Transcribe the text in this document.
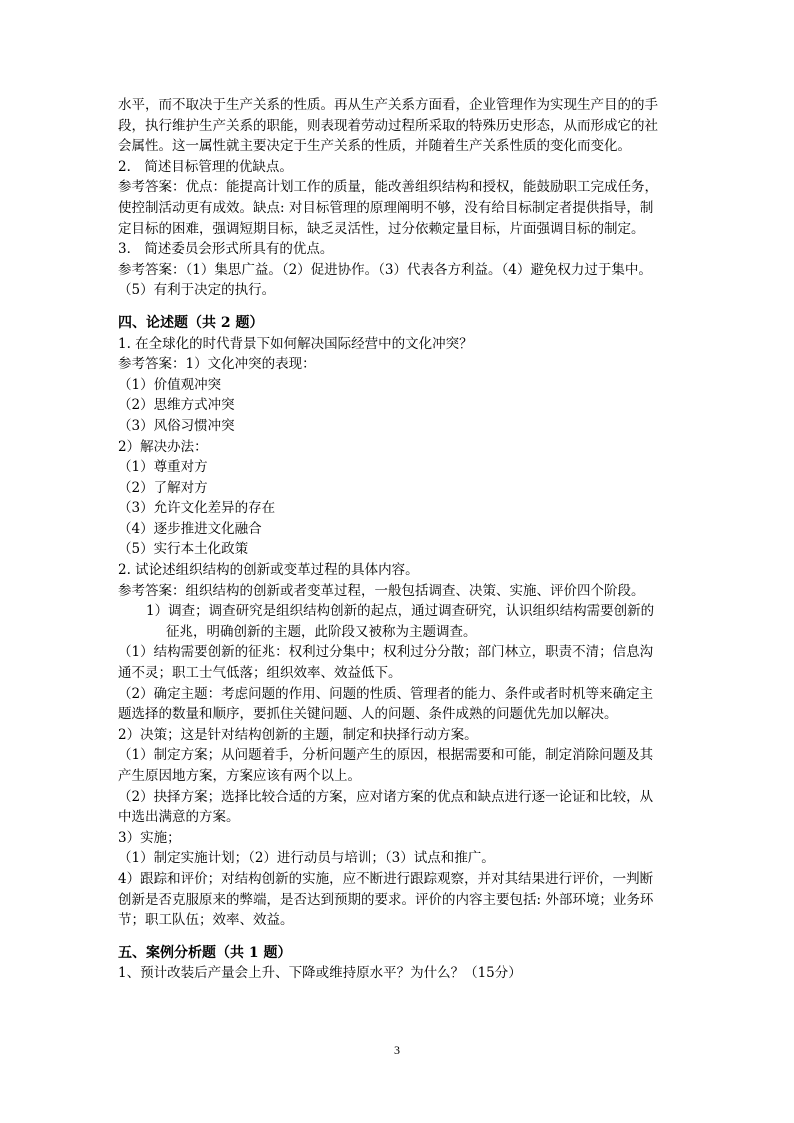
水平，而不取决于生产关系的性质。再从生产关系方面看，企业管理作为实现生产目的的手
段，执行维护生产关系的职能，则表现着劳动过程所采取的特殊历史形态，从而形成它的社
会属性。这一属性就主要决定于生产关系的性质，并随着生产关系性质的变化而变化。
2． 简述目标管理的优缺点。
参考答案：优点：能提高计划工作的质量，能改善组织结构和授权，能鼓励职工完成任务，
使控制活动更有成效。缺点: 对目标管理的原理阐明不够，没有给目标制定者提供指导，制
定目标的困难，强调短期目标，缺乏灵活性，过分依赖定量目标，片面强调目标的制定。
3． 简述委员会形式所具有的优点。
参考答案：（1）集思广益。（2）促进协作。（3）代表各方利益。（4）避免权力过于集中。
（5）有利于决定的执行。
四、论述题（共 2 题）
1. 在全球化的时代背景下如何解决国际经营中的文化冲突？
参考答案：1）文化冲突的表现：
（1）价值观冲突
（2）思维方式冲突
（3）风俗习惯冲突
2）解决办法：
（1）尊重对方
（2）了解对方
（3）允许文化差异的存在
（4）逐步推进文化融合
（5）实行本土化政策
2. 试论述组织结构的创新或变革过程的具体内容。
参考答案：组织结构的创新或者变革过程，一般包括调查、决策、实施、评价四个阶段。
1）调查；调查研究是组织结构创新的起点，通过调查研究，认识组织结构需要创新的
征兆，明确创新的主题，此阶段又被称为主题调查。
（1）结构需要创新的征兆：权利过分集中；权利过分分散；部门林立，职责不清；信息沟
通不灵；职工士气低落；组织效率、效益低下。
（2）确定主题：考虑问题的作用、问题的性质、管理者的能力、条件或者时机等来确定主
题选择的数量和顺序，要抓住关键问题、人的问题、条件成熟的问题优先加以解决。
2）决策；这是针对结构创新的主题，制定和抉择行动方案。
（1）制定方案；从问题着手，分析问题产生的原因，根据需要和可能，制定消除问题及其
产生原因地方案，方案应该有两个以上。
（2）抉择方案；选择比较合适的方案，应对诸方案的优点和缺点进行逐一论证和比较，从
中选出满意的方案。
3）实施；
（1）制定实施计划；（2）进行动员与培训；（3）试点和推广。
4）跟踪和评价；对结构创新的实施，应不断进行跟踪观察，并对其结果进行评价，一判断
创新是否克服原来的弊端，是否达到预期的要求。评价的内容主要包括: 外部环境；业务环
节；职工队伍；效率、效益。
五、案例分析题（共 1 题）
1、预计改装后产量会上升、下降或维持原水平？为什么？（15分）
3
